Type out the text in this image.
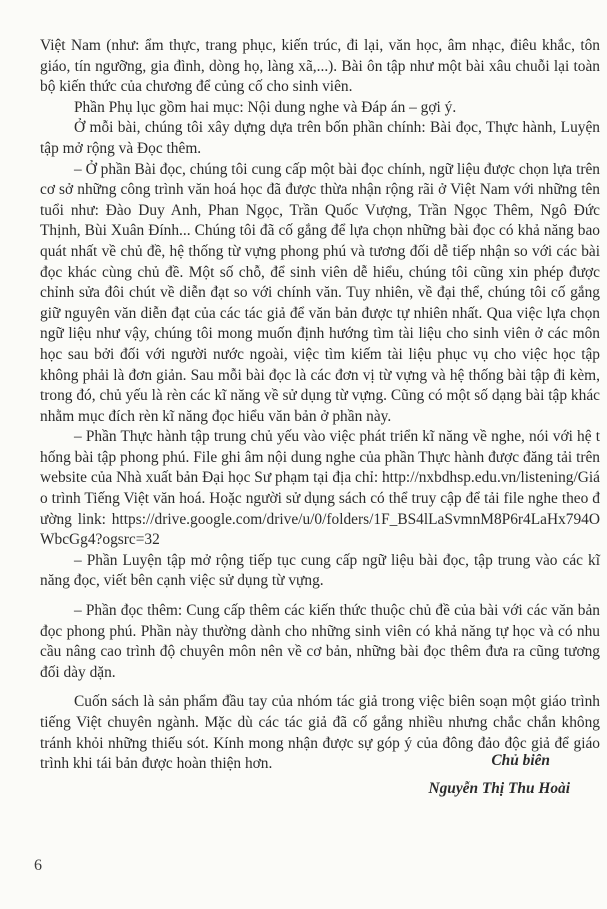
Việt Nam (như: ẩm thực, trang phục, kiến trúc, đi lại, văn học, âm nhạc, điêu khắc, tôn giáo, tín ngưỡng, gia đình, dòng họ, làng xã,...). Bài ôn tập như một bài xâu chuỗi lại toàn bộ kiến thức của chương để củng cố cho sinh viên.

Phần Phụ lục gồm hai mục: Nội dung nghe và Đáp án – gợi ý.

Ở mỗi bài, chúng tôi xây dựng dựa trên bốn phần chính: Bài đọc, Thực hành, Luyện tập mở rộng và Đọc thêm.

– Ở phần Bài đọc, chúng tôi cung cấp một bài đọc chính, ngữ liệu được chọn lựa trên cơ sở những công trình văn hoá học đã được thừa nhận rộng rãi ở Việt Nam với những tên tuổi như: Đào Duy Anh, Phan Ngọc, Trần Quốc Vượng, Trần Ngọc Thêm, Ngô Đức Thịnh, Bùi Xuân Đính... Chúng tôi đã cố gắng để lựa chọn những bài đọc có khả năng bao quát nhất về chủ đề, hệ thống từ vựng phong phú và tương đối dễ tiếp nhận so với các bài đọc khác cùng chủ đề. Một số chỗ, để sinh viên dễ hiểu, chúng tôi cũng xin phép được chỉnh sửa đôi chút về diễn đạt so với chính văn. Tuy nhiên, về đại thể, chúng tôi cố gắng giữ nguyên văn diễn đạt của các tác giả để văn bản được tự nhiên nhất. Qua việc lựa chọn ngữ liệu như vậy, chúng tôi mong muốn định hướng tìm tài liệu cho sinh viên ở các môn học sau bởi đối với người nước ngoài, việc tìm kiếm tài liệu phục vụ cho việc học tập không phải là đơn giản. Sau mỗi bài đọc là các đơn vị từ vựng và hệ thống bài tập đi kèm, trong đó, chủ yếu là rèn các kĩ năng về sử dụng từ vựng. Cũng có một số dạng bài tập khác nhằm mục đích rèn kĩ năng đọc hiểu văn bản ở phần này.

– Phần Thực hành tập trung chủ yếu vào việc phát triển kĩ năng về nghe, nói với hệ thống bài tập phong phú. File ghi âm nội dung nghe của phần Thực hành được đăng tải trên website của Nhà xuất bản Đại học Sư phạm tại địa chỉ: http://nxbdhsp.edu.vn/listening/Giáo trình Tiếng Việt văn hoá. Hoặc người sử dụng sách có thể truy cập để tải file nghe theo đường link: https://drive.google.com/drive/u/0/folders/1F_BS4lLaSvmnM8P6r4LaHx794OWbcGg4?ogsrc=32

– Phần Luyện tập mở rộng tiếp tục cung cấp ngữ liệu bài đọc, tập trung vào các kĩ năng đọc, viết bên cạnh việc sử dụng từ vựng.

– Phần đọc thêm: Cung cấp thêm các kiến thức thuộc chủ đề của bài với các văn bản đọc phong phú. Phần này thường dành cho những sinh viên có khả năng tự học và có nhu cầu nâng cao trình độ chuyên môn nên về cơ bản, những bài đọc thêm đưa ra cũng tương đối dày dặn.

Cuốn sách là sản phẩm đầu tay của nhóm tác giả trong việc biên soạn một giáo trình tiếng Việt chuyên ngành. Mặc dù các tác giả đã cố gắng nhiều nhưng chắc chắn không tránh khỏi những thiếu sót. Kính mong nhận được sự góp ý của đông đảo độc giả để giáo trình khi tái bản được hoàn thiện hơn.	Chủ biên
Nguyễn Thị Thu Hoài
6
